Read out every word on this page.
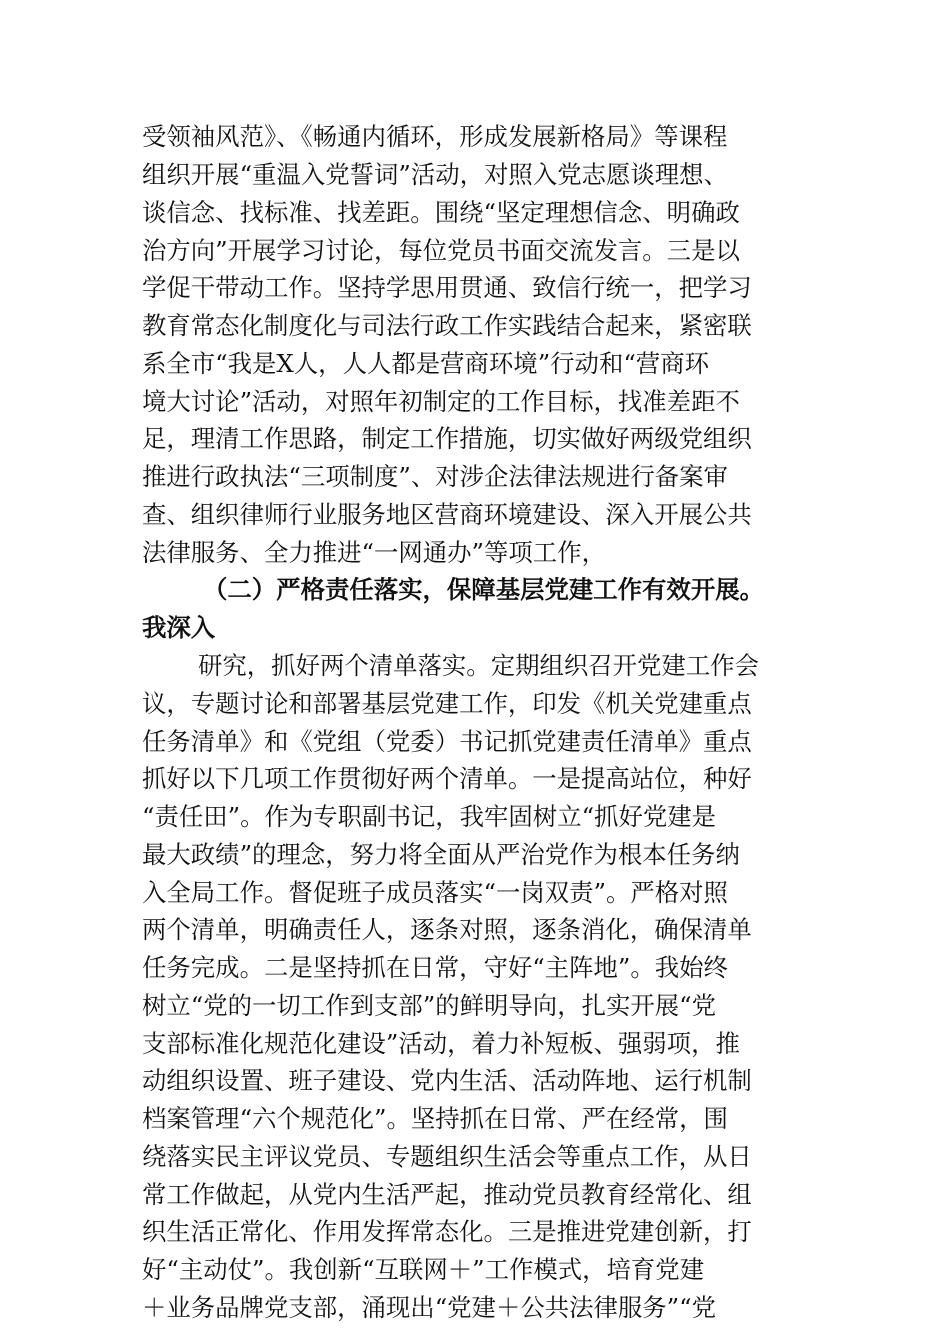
受领袖风范》、《畅通内循环，形成发展新格局》等课程
组织开展“重温入党誓词”活动，对照入党志愿谈理想、
谈信念、找标准、找差距。围绕“坚定理想信念、明确政
治方向”开展学习讨论，每位党员书面交流发言。三是以
学促干带动工作。坚持学思用贯通、致信行统一，把学习
教育常态化制度化与司法行政工作实践结合起来，紧密联
系全市“我是X人，人人都是营商环境”行动和“营商环
境大讨论”活动，对照年初制定的工作目标，找准差距不
足，理清工作思路，制定工作措施，切实做好两级党组织
推进行政执法“三项制度”、对涉企法律法规进行备案审
查、组织律师行业服务地区营商环境建设、深入开展公共
法律服务、全力推进“一网通办”等项工作，
（二）严格责任落实，保障基层党建工作有效开展。
我深入
研究，抓好两个清单落实。定期组织召开党建工作会
议，专题讨论和部署基层党建工作，印发《机关党建重点
任务清单》和《党组（党委）书记抓党建责任清单》重点
抓好以下几项工作贯彻好两个清单。一是提高站位，种好
“责任田”。作为专职副书记，我牢固树立“抓好党建是
最大政绩”的理念，努力将全面从严治党作为根本任务纳
入全局工作。督促班子成员落实“一岗双责”。严格对照
两个清单，明确责任人，逐条对照，逐条消化，确保清单
任务完成。二是坚持抓在日常，守好“主阵地”。我始终
树立“党的一切工作到支部”的鲜明导向，扎实开展“党
支部标准化规范化建设”活动，着力补短板、强弱项，推
动组织设置、班子建设、党内生活、活动阵地、运行机制
档案管理“六个规范化”。坚持抓在日常、严在经常，围
绕落实民主评议党员、专题组织生活会等重点工作，从日
常工作做起，从党内生活严起，推动党员教育经常化、组
织生活正常化、作用发挥常态化。三是推进党建创新，打
好“主动仗”。我创新“互联网＋”工作模式，培育党建
＋业务品牌党支部，涌现出“党建＋公共法律服务”“党
